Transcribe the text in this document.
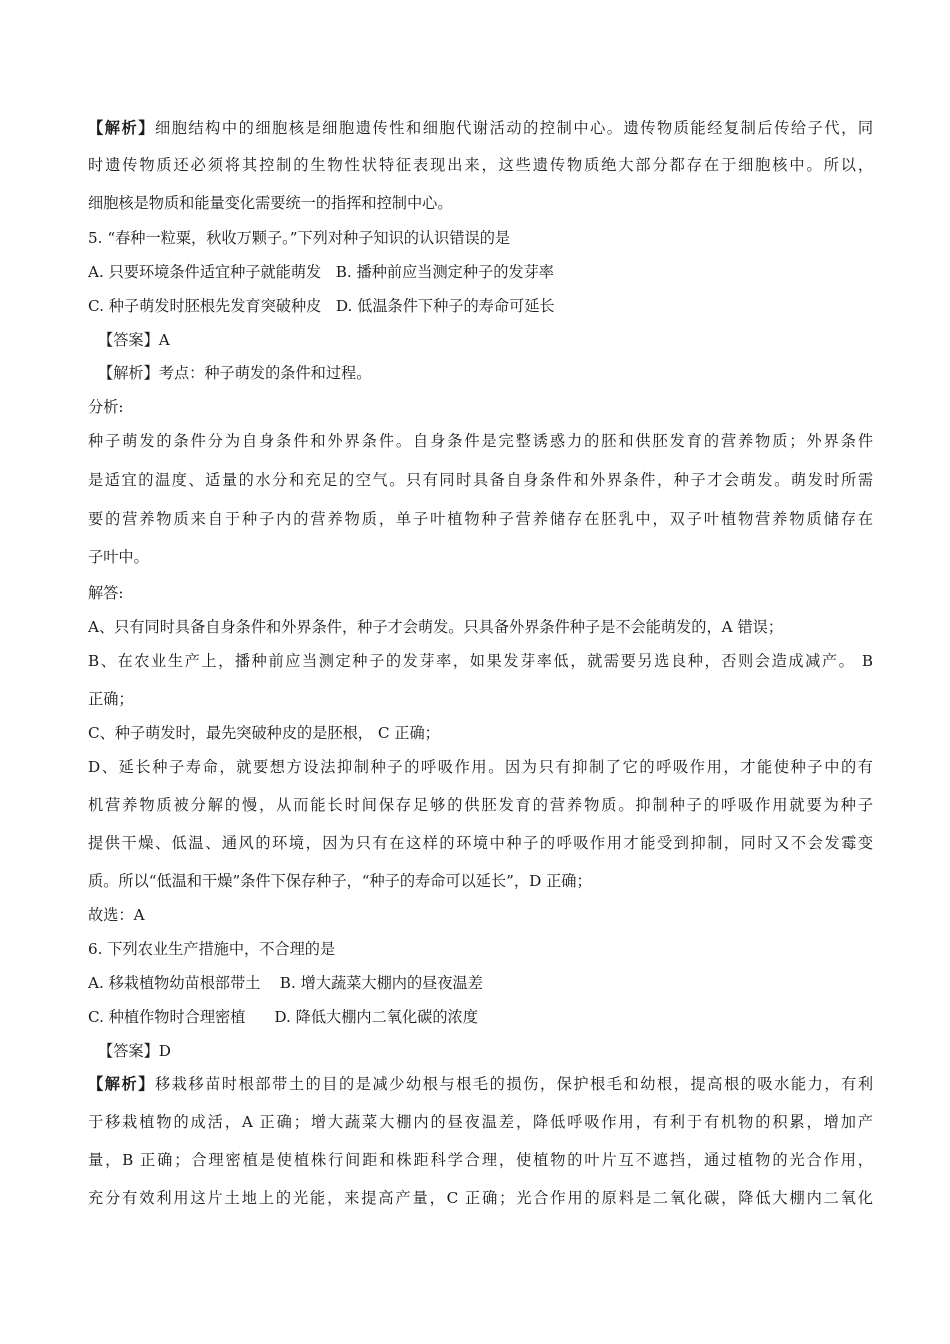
【解析】细胞结构中的细胞核是细胞遗传性和细胞代谢活动的控制中心。遗传物质能经复制后传给子代，同
时遗传物质还必须将其控制的生物性状特征表现出来，这些遗传物质绝大部分都存在于细胞核中。所以，
细胞核是物质和能量变化需要统一的指挥和控制中心。
5. “春种一粒粟，秋收万颗子。”下列对种子知识的认识错误的是
A. 只要环境条件适宜种子就能萌发   B. 播种前应当测定种子的发芽率
C. 种子萌发时胚根先发育突破种皮   D. 低温条件下种子的寿命可延长
【答案】A
【解析】考点：种子萌发的条件和过程。
分析:
种子萌发的条件分为自身条件和外界条件。自身条件是完整诱惑力的胚和供胚发育的营养物质；外界条件
是适宜的温度、适量的水分和充足的空气。只有同时具备自身条件和外界条件，种子才会萌发。萌发时所需
要的营养物质来自于种子内的营养物质，单子叶植物种子营养储存在胚乳中，双子叶植物营养物质储存在
子叶中。
解答:
A、只有同时具备自身条件和外界条件，种子才会萌发。只具备外界条件种子是不会能萌发的，A 错误；
B、在农业生产上，播种前应当测定种子的发芽率，如果发芽率低，就需要另选良种，否则会造成减产。 B
正确；
C、种子萌发时，最先突破种皮的是胚根， C 正确；
D、延长种子寿命，就要想方设法抑制种子的呼吸作用。因为只有抑制了它的呼吸作用，才能使种子中的有
机营养物质被分解的慢，从而能长时间保存足够的供胚发育的营养物质。抑制种子的呼吸作用就要为种子
提供干燥、低温、通风的环境，因为只有在这样的环境中种子的呼吸作用才能受到抑制，同时又不会发霉变
质。所以“低温和干燥”条件下保存种子，“种子的寿命可以延长”，D 正确；
故选：A
6. 下列农业生产措施中，不合理的是
A. 移栽植物幼苗根部带土    B. 增大蔬菜大棚内的昼夜温差
C. 种植作物时合理密植      D. 降低大棚内二氧化碳的浓度
【答案】D
【解析】移栽移苗时根部带土的目的是减少幼根与根毛的损伤，保护根毛和幼根，提高根的吸水能力，有利
于移栽植物的成活，A 正确；增大蔬菜大棚内的昼夜温差，降低呼吸作用，有利于有机物的积累，增加产
量，B 正确；合理密植是使植株行间距和株距科学合理，使植物的叶片互不遮挡，通过植物的光合作用，
充分有效利用这片土地上的光能，来提高产量，C 正确；光合作用的原料是二氧化碳，降低大棚内二氧化
